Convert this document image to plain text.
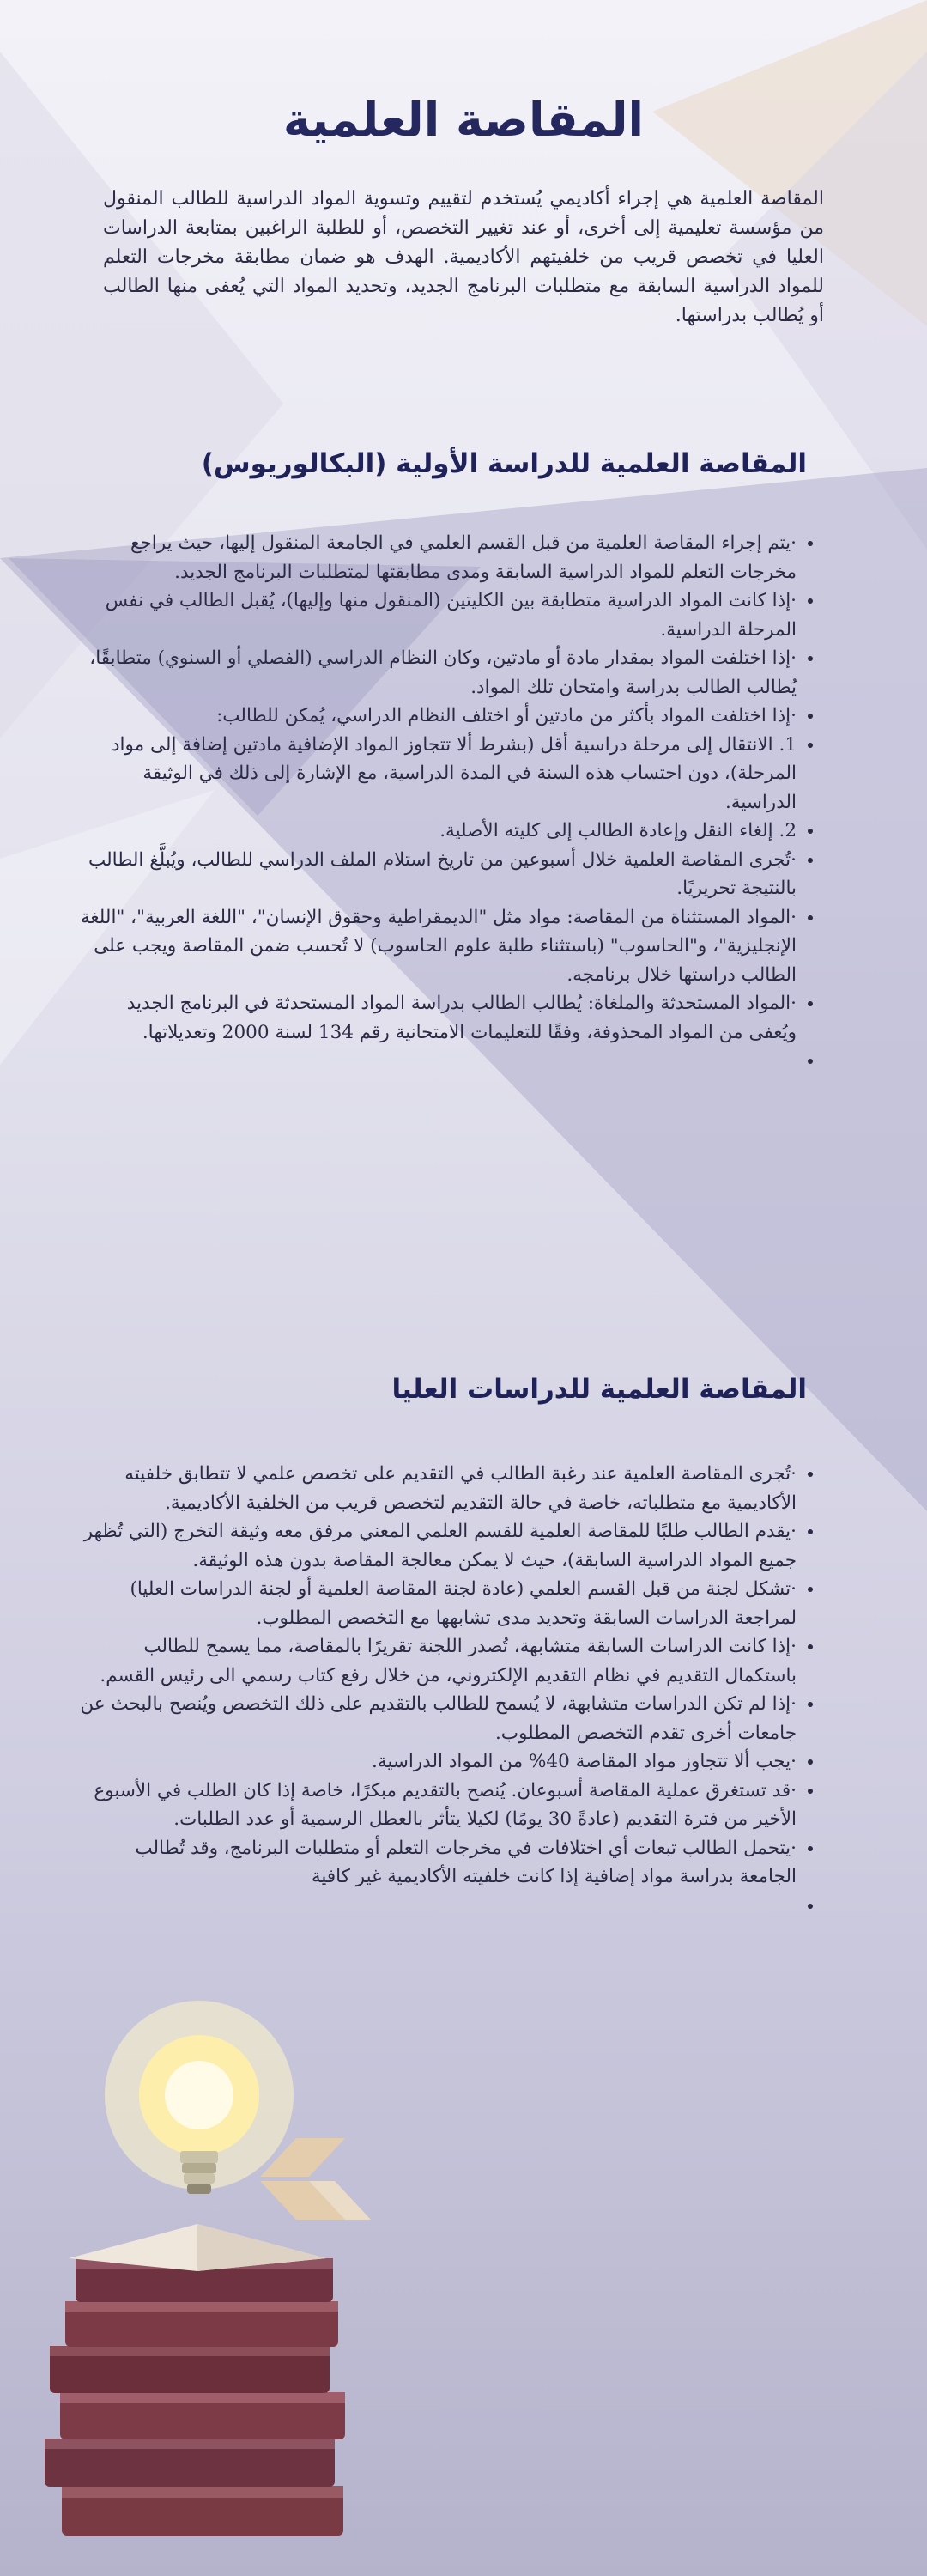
المقاصة العلمية

المقاصة العلمية هي إجراء أكاديمي يُستخدم لتقييم وتسوية المواد الدراسية للطالب المنقول من مؤسسة تعليمية إلى أخرى، أو عند تغيير التخصص، أو للطلبة الراغبين بمتابعة الدراسات العليا في تخصص قريب من خلفيتهم الأكاديمية. الهدف هو ضمان مطابقة مخرجات التعلم للمواد الدراسية السابقة مع متطلبات البرنامج الجديد، وتحديد المواد التي يُعفى منها الطالب أو يُطالب بدراستها.

المقاصة العلمية للدراسة الأولية (البكالوريوس)
• ·يتم إجراء المقاصة العلمية من قبل القسم العلمي في الجامعة المنقول إليها، حيث يراجع مخرجات التعلم للمواد الدراسية السابقة ومدى مطابقتها لمتطلبات البرنامج الجديد.
• ·إذا كانت المواد الدراسية متطابقة بين الكليتين (المنقول منها وإليها)، يُقبل الطالب في نفس المرحلة الدراسية.
• ·إذا اختلفت المواد بمقدار مادة أو مادتين، وكان النظام الدراسي (الفصلي أو السنوي) متطابقًا، يُطالب الطالب بدراسة وامتحان تلك المواد.
• ·إذا اختلفت المواد بأكثر من مادتين أو اختلف النظام الدراسي، يُمكن للطالب:
• 1. الانتقال إلى مرحلة دراسية أقل (بشرط ألا تتجاوز المواد الإضافية مادتين إضافة إلى مواد المرحلة)، دون احتساب هذه السنة في المدة الدراسية، مع الإشارة إلى ذلك في الوثيقة الدراسية.
• 2. إلغاء النقل وإعادة الطالب إلى كليته الأصلية.
• ·تُجرى المقاصة العلمية خلال أسبوعين من تاريخ استلام الملف الدراسي للطالب، ويُبلَّغ الطالب بالنتيجة تحريريًا.
• ·المواد المستثناة من المقاصة: مواد مثل "الديمقراطية وحقوق الإنسان"، "اللغة العربية"، "اللغة الإنجليزية"، و"الحاسوب" (باستثناء طلبة علوم الحاسوب) لا تُحسب ضمن المقاصة ويجب على الطالب دراستها خلال برنامجه.
• ·المواد المستحدثة والملغاة: يُطالب الطالب بدراسة المواد المستحدثة في البرنامج الجديد ويُعفى من المواد المحذوفة، وفقًا للتعليمات الامتحانية رقم 134 لسنة 2000 وتعديلاتها.
•
المقاصة العلمية للدراسات العليا
• ·تُجرى المقاصة العلمية عند رغبة الطالب في التقديم على تخصص علمي لا تتطابق خلفيته الأكاديمية مع متطلباته، خاصة في حالة التقديم لتخصص قريب من الخلفية الأكاديمية.
• ·يقدم الطالب طلبًا للمقاصة العلمية للقسم العلمي المعني مرفق معه وثيقة التخرج (التي تُظهر جميع المواد الدراسية السابقة)، حيث لا يمكن معالجة المقاصة بدون هذه الوثيقة.
• ·تشكل لجنة من قبل القسم العلمي (عادة لجنة المقاصة العلمية أو لجنة الدراسات العليا) لمراجعة الدراسات السابقة وتحديد مدى تشابهها مع التخصص المطلوب.
• ·إذا كانت الدراسات السابقة متشابهة، تُصدر اللجنة تقريرًا بالمقاصة، مما يسمح للطالب باستكمال التقديم في نظام التقديم الإلكتروني، من خلال رفع كتاب رسمي الى رئيس القسم.
• ·إذا لم تكن الدراسات متشابهة، لا يُسمح للطالب بالتقديم على ذلك التخصص ويُنصح بالبحث عن جامعات أخرى تقدم التخصص المطلوب.
• ·يجب ألا تتجاوز مواد المقاصة 40% من المواد الدراسية.
• ·قد تستغرق عملية المقاصة أسبوعان. يُنصح بالتقديم مبكرًا، خاصة إذا كان الطلب في الأسبوع الأخير من فترة التقديم (عادةً 30 يومًا) لكيلا يتأثر بالعطل الرسمية أو عدد الطلبات.
• ·يتحمل الطالب تبعات أي اختلافات في مخرجات التعلم أو متطلبات البرنامج، وقد تُطالب الجامعة بدراسة مواد إضافية إذا كانت خلفيته الأكاديمية غير كافية
•
